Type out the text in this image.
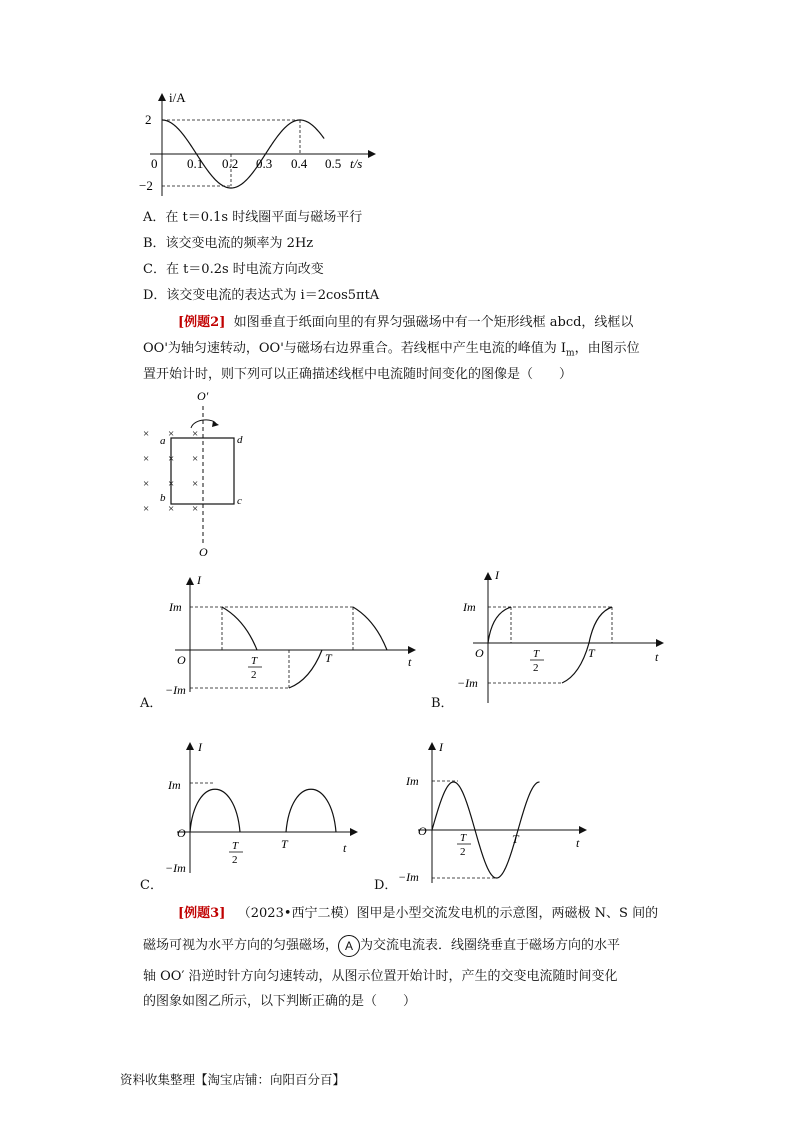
i/A
2
−2
0 0.1 0.2 0.3 0.4 0.5 t/s
A．在 t＝0.1s 时线圈平面与磁场平行
B．该交变电流的频率为 2Hz
C．在 t＝0.2s 时电流方向改变
D．该交变电流的表达式为 i＝2cos5πtA
[例题2] 如图垂直于纸面向里的有界匀强磁场中有一个矩形线框 abcd，线框以
OO'为轴匀速转动，OO'与磁场右边界重合。若线框中产生电流的峰值为 $I_m$，由图示位
置开始计时，则下列可以正确描述线框中电流随时间变化的图像是（　　）
O′
× × ×
× × ×
× × ×
× × ×
a
b	c
d
O
I
t
O
Im
−Im
T
2
T
A．
I
t
O
Im
−Im
T
2
T
B．
I
t
O
Im
−Im
T
2
T
C．
I
t
O
Im
−Im
T
2
T
D．
[例题3] （2023•西宁二模）图甲是小型交流发电机的示意图，两磁极 N、S 间的
磁场可视为水平方向的匀强磁场， A 为交流电流表．线圈绕垂直于磁场方向的水平
轴 OO′ 沿逆时针方向匀速转动，从图示位置开始计时，产生的交变电流随时间变化
的图象如图乙所示，以下判断正确的是（　　）
资料收集整理【淘宝店铺：向阳百分百】
